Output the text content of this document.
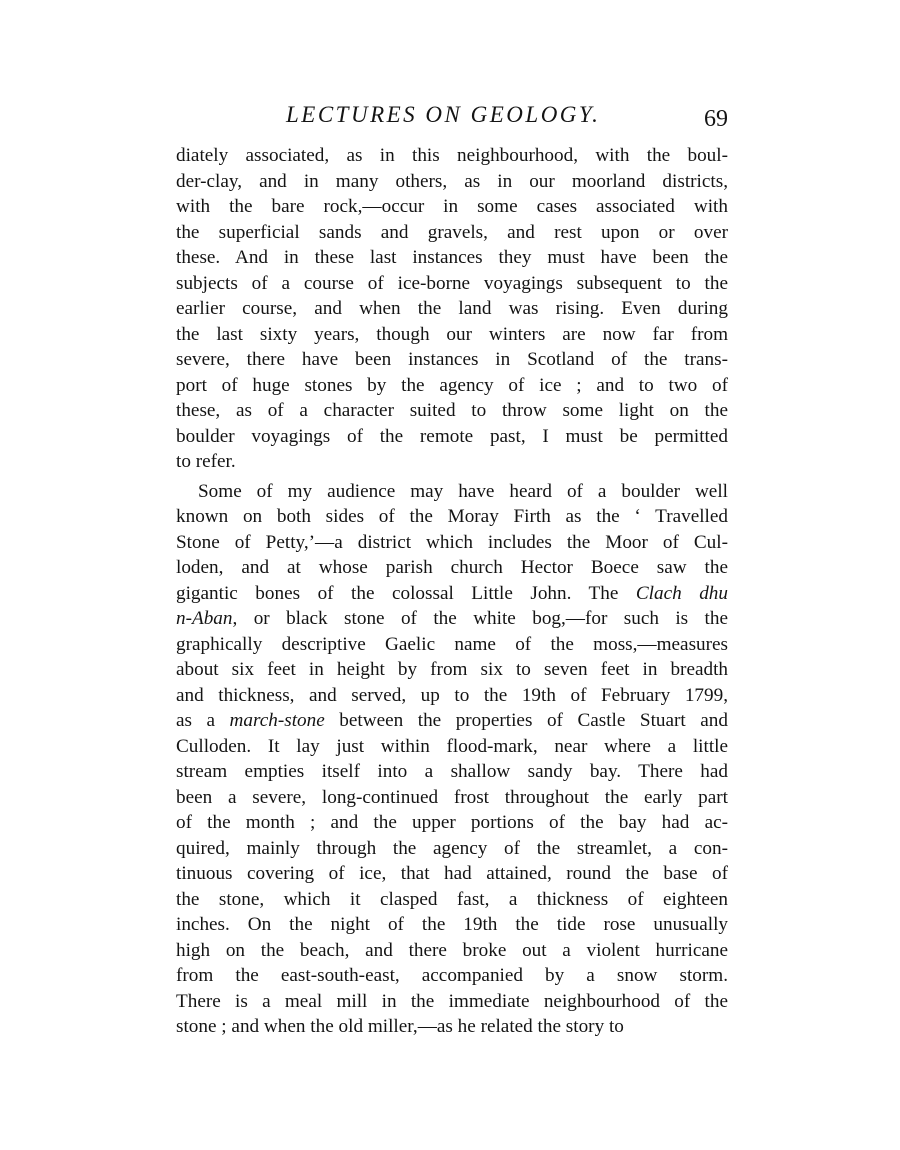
LECTURES ON GEOLOGY.	69
diately associated, as in this neighbourhood, with the boul-
der-clay, and in many others, as in our moorland districts,
with the bare rock,—occur in some cases associated with
the superficial sands and gravels, and rest upon or over
these. And in these last instances they must have been the
subjects of a course of ice-borne voyagings subsequent to the
earlier course, and when the land was rising. Even during
the last sixty years, though our winters are now far from
severe, there have been instances in Scotland of the trans-
port of huge stones by the agency of ice ; and to two of
these, as of a character suited to throw some light on the
boulder voyagings of the remote past, I must be permitted
to refer.
Some of my audience may have heard of a boulder well
known on both sides of the Moray Firth as the ‘ Travelled
Stone of Petty,’—a district which includes the Moor of Cul-
loden, and at whose parish church Hector Boece saw the
gigantic bones of the colossal Little John. The Clach dhu
n-Aban, or black stone of the white bog,—for such is the
graphically descriptive Gaelic name of the moss,—measures
about six feet in height by from six to seven feet in breadth
and thickness, and served, up to the 19th of February 1799,
as a march-stone between the properties of Castle Stuart and
Culloden. It lay just within flood-mark, near where a little
stream empties itself into a shallow sandy bay. There had
been a severe, long-continued frost throughout the early part
of the month ; and the upper portions of the bay had ac-
quired, mainly through the agency of the streamlet, a con-
tinuous covering of ice, that had attained, round the base of
the stone, which it clasped fast, a thickness of eighteen
inches. On the night of the 19th the tide rose unusually
high on the beach, and there broke out a violent hurricane
from the east-south-east, accompanied by a snow storm.
There is a meal mill in the immediate neighbourhood of the
stone ; and when the old miller,—as he related the story to
